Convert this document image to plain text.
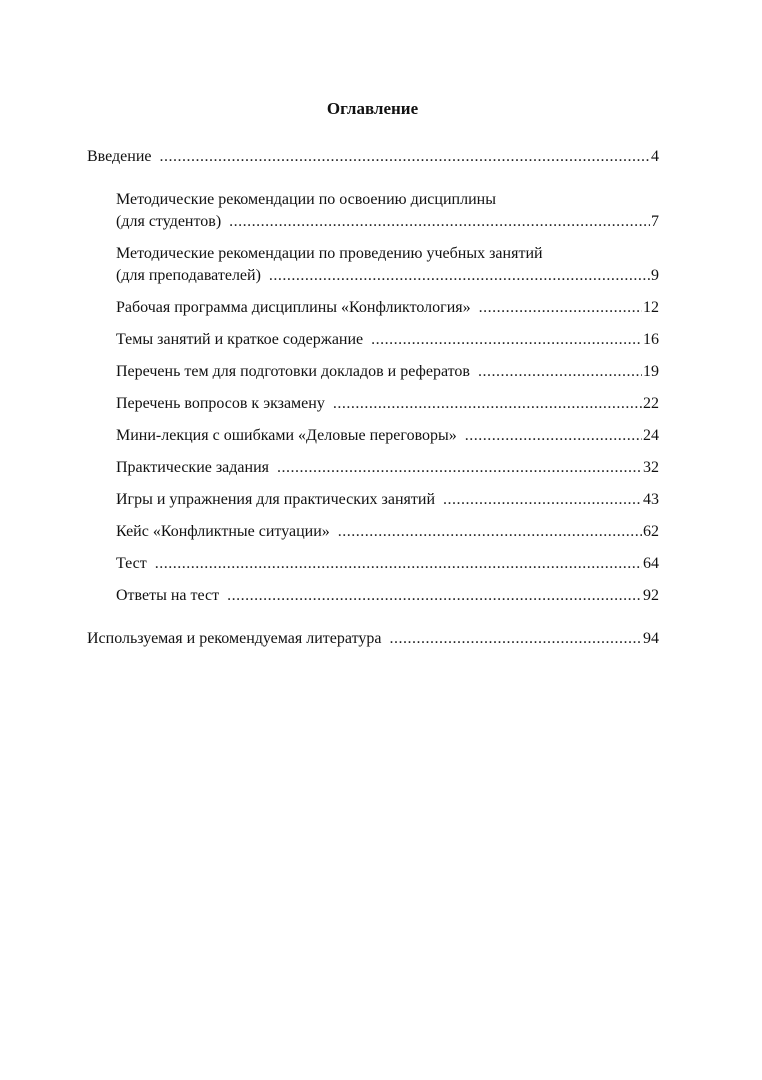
Оглавление
Введение .....	4
Методические рекомендации по освоению дисциплины
(для студентов) .....	7
Методические рекомендации по проведению учебных занятий
(для преподавателей) .....	9
Рабочая программа дисциплины «Конфликтология» .....	12
Темы занятий и краткое содержание .....	16
Перечень тем для подготовки докладов и рефератов .....	19
Перечень вопросов к экзамену .....	22
Мини-лекция с ошибками «Деловые переговоры» .....	24
Практические задания .....	32
Игры и упражнения для практических занятий .....	43
Кейс «Конфликтные ситуации» .....	62
Тест .....	64
Ответы на тест .....	92
Используемая и рекомендуемая литература .....	94
